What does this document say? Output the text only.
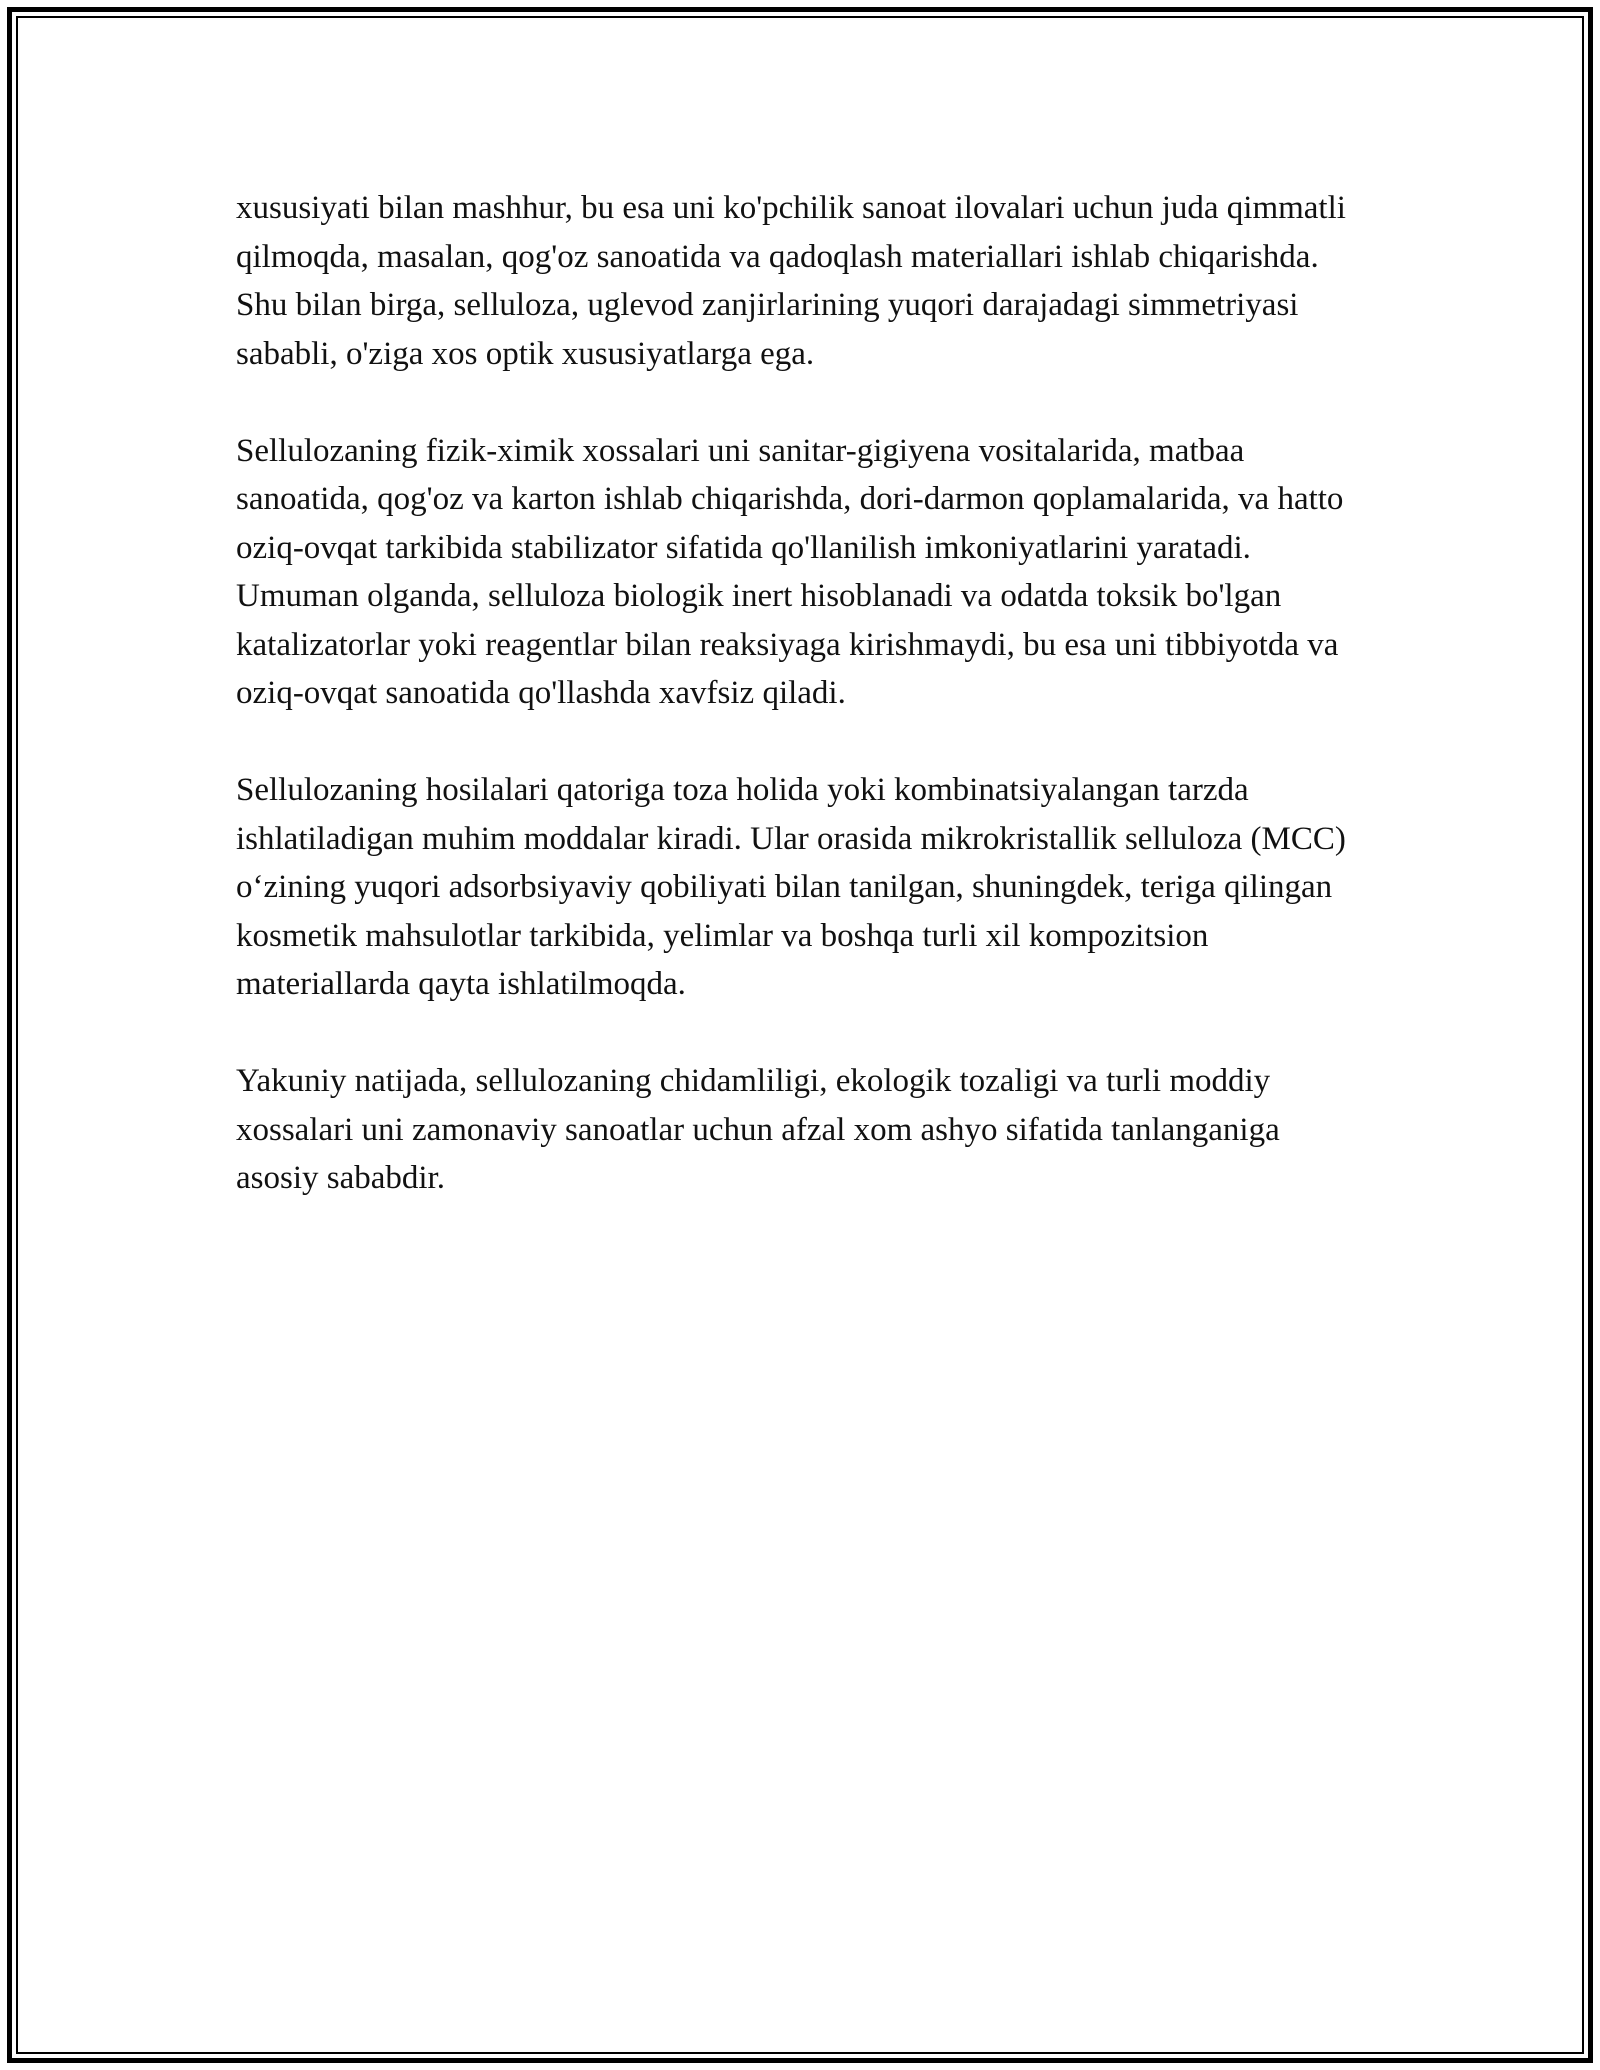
xususiyati bilan mashhur, bu esa uni ko'pchilik sanoat ilovalari uchun juda qimmatli qilmoqda, masalan, qog'oz sanoatida va qadoqlash materiallari ishlab chiqarishda. Shu bilan birga, selluloza, uglevod zanjirlarining yuqori darajadagi simmetriyasi sababli, o'ziga xos optik xususiyatlarga ega.

Sellulozaning fizik-ximik xossalari uni sanitar-gigiyena vositalarida, matbaa sanoatida, qog'oz va karton ishlab chiqarishda, dori-darmon qoplamalarida, va hatto oziq-ovqat tarkibida stabilizator sifatida qo'llanilish imkoniyatlarini yaratadi. Umuman olganda, selluloza biologik inert hisoblanadi va odatda toksik bo'lgan katalizatorlar yoki reagentlar bilan reaksiyaga kirishmaydi, bu esa uni tibbiyotda va oziq-ovqat sanoatida qo'llashda xavfsiz qiladi.

Sellulozaning hosilalari qatoriga toza holida yoki kombinatsiyalangan tarzda ishlatiladigan muhim moddalar kiradi. Ular orasida mikrokristallik selluloza (MCC) o‘zining yuqori adsorbsiyaviy qobiliyati bilan tanilgan, shuningdek, teriga qilingan kosmetik mahsulotlar tarkibida, yelimlar va boshqa turli xil kompozitsion materiallarda qayta ishlatilmoqda.

Yakuniy natijada, sellulozaning chidamliligi, ekologik tozaligi va turli moddiy xossalari uni zamonaviy sanoatlar uchun afzal xom ashyo sifatida tanlanganiga asosiy sababdir.
